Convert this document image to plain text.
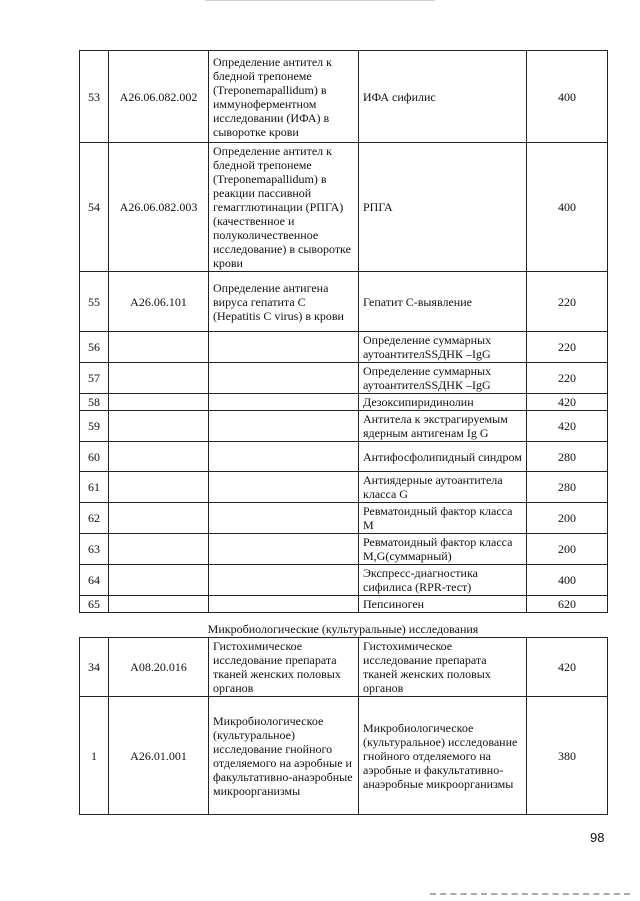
53	A26.06.082.002	Определение антител к бледной трепонеме (Treponemapallidum) в иммуноферментном исследовании (ИФА) в сыворотке крови	ИФА сифилис	400
54	A26.06.082.003	Определение антител к бледной трепонеме (Treponemapallidum) в реакции пассивной гемагглютинации (РПГА) (качественное и полуколичественное исследование) в сыворотке крови	РПГА	400
55	A26.06.101	Определение антигена вируса гепатита С (Hepatitis C virus) в крови	Гепатит С-выявление	220
56			Определение суммарных аутоантителSSДНК –IgG	220
57			Определение суммарных аутоантителSSДНК –IgG	220
58			Дезоксипиридинолин	420
59			Антитела к экстрагируемым ядерным антигенам Ig G	420
60			Антифосфолипидный синдром	280
61			Антиядерные аутоантитела класса G	280
62			Ревматоидный фактор класса М	200
63			Ревматоидный фактор класса M,G(суммарный)	200
64			Экспресс-диагностика сифилиса (RPR-тест)	400
65			Пепсиноген	620
Микробиологические (культуральные) исследования
34	A08.20.016	Гистохимическое исследование препарата тканей женских половых органов	Гистохимическое исследование препарата тканей женских половых органов	420
1	A26.01.001	Микробиологическое (культуральное) исследование гнойного отделяемого на аэробные и факультативно-анаэробные микроорганизмы	Микробиологическое (культуральное) исследование гнойного отделяемого на аэробные и факультативно-анаэробные микроорганизмы	380
98
